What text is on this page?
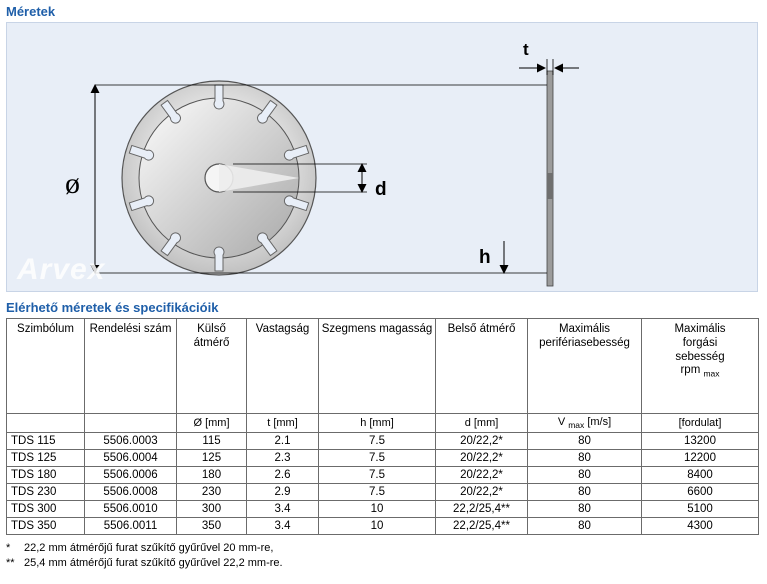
Méretek
ø	d
t
h
Arvex
Elérhető méretek és specifikációik
Szimbólum	Rendelési szám	Külső átmérő	Vastagság	Szegmens magasság	Belső átmérő	Maximális perifériasebesség	Maximális
forgási
sebesség
rpm $_{max}$

		Ø [mm]	t [mm]	h [mm]	d [mm]	V $_{max}$ [m/s]	[fordulat]
TDS 115	5506.0003	115	2.1	7.5	20/22,2*	80	13200
TDS 125	5506.0004	125	2.3	7.5	20/22,2*	80	12200
TDS 180	5506.0006	180	2.6	7.5	20/22,2*	80	8400
TDS 230	5506.0008	230	2.9	7.5	20/22,2*	80	6600
TDS 300	5506.0010	300	3.4	10	22,2/25,4**	80	5100
TDS 350	5506.0011	350	3.4	10	22,2/25,4**	80	4300
*	22,2 mm átmérőjű furat szűkítő gyűrűvel 20 mm-re,
** 25,4 mm átmérőjű furat szűkítő gyűrűvel 22,2 mm-re.
